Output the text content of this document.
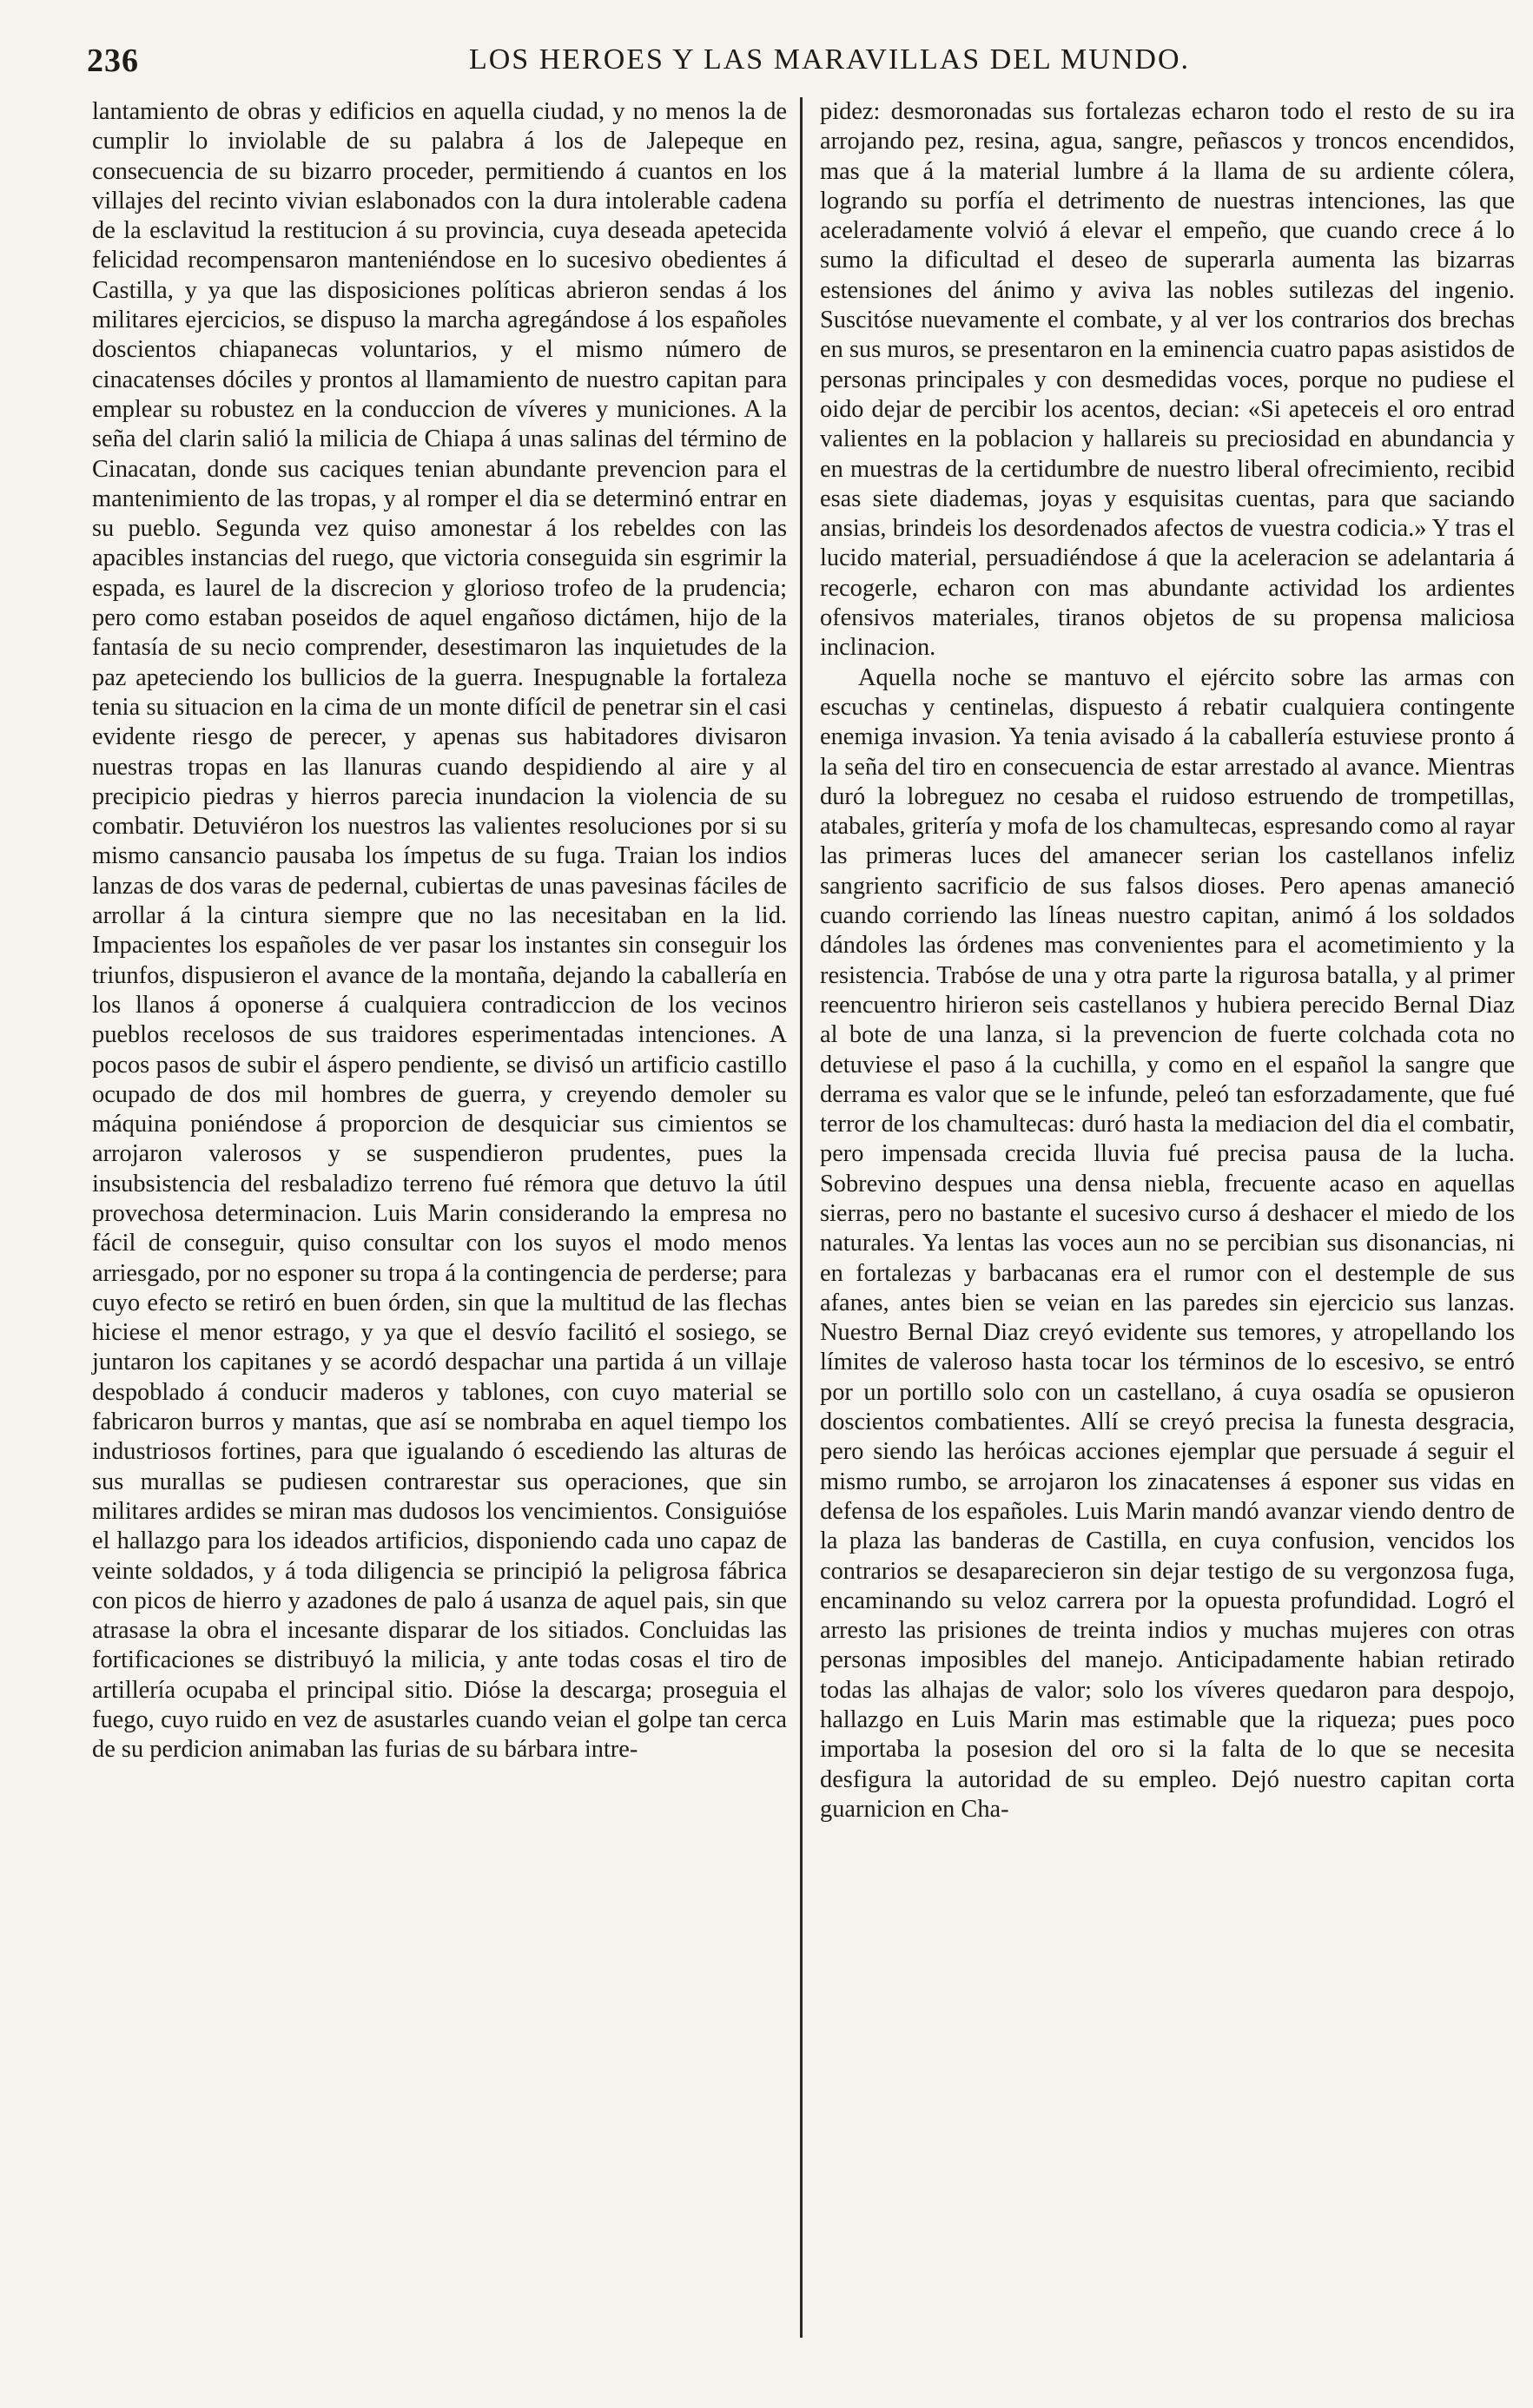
236	LOS HEROES Y LAS MARAVILLAS DEL MUNDO.

lantamiento de obras y edificios en aquella ciudad, y no menos la de cumplir lo inviolable de su palabra á los de Jalepeque en consecuencia de su bizarro proceder, permitiendo á cuantos en los villajes del recinto vivian eslabonados con la dura intolerable cadena de la esclavitud la restitucion á su provincia, cuya deseada apetecida felicidad recompensaron manteniéndose en lo sucesivo obedientes á Castilla, y ya que las disposiciones políticas abrieron sendas á los militares ejercicios, se dispuso la marcha agregándose á los españoles doscientos chiapanecas voluntarios, y el mismo número de cinacatenses dóciles y prontos al llamamiento de nuestro capitan para emplear su robustez en la conduccion de víveres y municiones. A la seña del clarin salió la milicia de Chiapa á unas salinas del término de Cinacatan, donde sus caciques tenian abundante prevencion para el mantenimiento de las tropas, y al romper el dia se determinó entrar en su pueblo. Segunda vez quiso amonestar á los rebeldes con las apacibles instancias del ruego, que victoria conseguida sin esgrimir la espada, es laurel de la discrecion y glorioso trofeo de la prudencia; pero como estaban poseidos de aquel engañoso dictámen, hijo de la fantasía de su necio comprender, desestimaron las inquietudes de la paz apeteciendo los bullicios de la guerra. Inespugnable la fortaleza tenia su situacion en la cima de un monte difícil de penetrar sin el casi evidente riesgo de perecer, y apenas sus habitadores divisaron nuestras tropas en las llanuras cuando despidiendo al aire y al precipicio piedras y hierros parecia inundacion la violencia de su combatir. Detuviéron los nuestros las valientes resoluciones por si su mismo cansancio pausaba los ímpetus de su fuga. Traian los indios lanzas de dos varas de pedernal, cubiertas de unas pavesinas fáciles de arrollar á la cintura siempre que no las necesitaban en la lid. Impacientes los españoles de ver pasar los instantes sin conseguir los triunfos, dispusieron el avance de la montaña, dejando la caballería en los llanos á oponerse á cualquiera contradiccion de los vecinos pueblos recelosos de sus traidores esperimentadas intenciones. A pocos pasos de subir el áspero pendiente, se divisó un artificio castillo ocupado de dos mil hombres de guerra, y creyendo demoler su máquina poniéndose á proporcion de desquiciar sus cimientos se arrojaron valerosos y se suspendieron prudentes, pues la insubsistencia del resbaladizo terreno fué rémora que detuvo la útil provechosa determinacion. Luis Marin considerando la empresa no fácil de conseguir, quiso consultar con los suyos el modo menos arriesgado, por no esponer su tropa á la contingencia de perderse; para cuyo efecto se retiró en buen órden, sin que la multitud de las flechas hiciese el menor estrago, y ya que el desvío facilitó el sosiego, se juntaron los capitanes y se acordó despachar una partida á un villaje despoblado á conducir maderos y tablones, con cuyo material se fabricaron burros y mantas, que así se nombraba en aquel tiempo los industriosos fortines, para que igualando ó escediendo las alturas de sus murallas se pudiesen contrarestar sus operaciones, que sin militares ardides se miran mas dudosos los vencimientos. Consiguióse el hallazgo para los ideados artificios, disponiendo cada uno capaz de veinte soldados, y á toda diligencia se principió la peligrosa fábrica con picos de hierro y azadones de palo á usanza de aquel pais, sin que atrasase la obra el incesante disparar de los sitiados. Concluidas las fortificaciones se distribuyó la milicia, y ante todas cosas el tiro de artillería ocupaba el principal sitio. Dióse la descarga; proseguia el fuego, cuyo ruido en vez de asustarles cuando veian el golpe tan cerca de su perdicion animaban las furias de su bárbara intre-

pidez: desmoronadas sus fortalezas echaron todo el resto de su ira arrojando pez, resina, agua, sangre, peñascos y troncos encendidos, mas que á la material lumbre á la llama de su ardiente cólera, logrando su porfía el detrimento de nuestras intenciones, las que aceleradamente volvió á elevar el empeño, que cuando crece á lo sumo la dificultad el deseo de superarla aumenta las bizarras estensiones del ánimo y aviva las nobles sutilezas del ingenio. Suscitóse nuevamente el combate, y al ver los contrarios dos brechas en sus muros, se presentaron en la eminencia cuatro papas asistidos de personas principales y con desmedidas voces, porque no pudiese el oido dejar de percibir los acentos, decian: «Si apeteceis el oro entrad valientes en la poblacion y hallareis su preciosidad en abundancia y en muestras de la certidumbre de nuestro liberal ofrecimiento, recibid esas siete diademas, joyas y esquisitas cuentas, para que saciando ansias, brindeis los desordenados afectos de vuestra codicia.» Y tras el lucido material, persuadiéndose á que la aceleracion se adelantaria á recogerle, echaron con mas abundante actividad los ardientes ofensivos materiales, tiranos objetos de su propensa maliciosa inclinacion.

Aquella noche se mantuvo el ejército sobre las armas con escuchas y centinelas, dispuesto á rebatir cualquiera contingente enemiga invasion. Ya tenia avisado á la caballería estuviese pronto á la seña del tiro en consecuencia de estar arrestado al avance. Mientras duró la lobreguez no cesaba el ruidoso estruendo de trompetillas, atabales, gritería y mofa de los chamultecas, espresando como al rayar las primeras luces del amanecer serian los castellanos infeliz sangriento sacrificio de sus falsos dioses. Pero apenas amaneció cuando corriendo las líneas nuestro capitan, animó á los soldados dándoles las órdenes mas convenientes para el acometimiento y la resistencia. Trabóse de una y otra parte la rigurosa batalla, y al primer reencuentro hirieron seis castellanos y hubiera perecido Bernal Diaz al bote de una lanza, si la prevencion de fuerte colchada cota no detuviese el paso á la cuchilla, y como en el español la sangre que derrama es valor que se le infunde, peleó tan esforzadamente, que fué terror de los chamultecas: duró hasta la mediacion del dia el combatir, pero impensada crecida lluvia fué precisa pausa de la lucha. Sobrevino despues una densa niebla, frecuente acaso en aquellas sierras, pero no bastante el sucesivo curso á deshacer el miedo de los naturales. Ya lentas las voces aun no se percibian sus disonancias, ni en fortalezas y barbacanas era el rumor con el destemple de sus afanes, antes bien se veian en las paredes sin ejercicio sus lanzas. Nuestro Bernal Diaz creyó evidente sus temores, y atropellando los límites de valeroso hasta tocar los términos de lo escesivo, se entró por un portillo solo con un castellano, á cuya osadía se opusieron doscientos combatientes. Allí se creyó precisa la funesta desgracia, pero siendo las heróicas acciones ejemplar que persuade á seguir el mismo rumbo, se arrojaron los zinacatenses á esponer sus vidas en defensa de los españoles. Luis Marin mandó avanzar viendo dentro de la plaza las banderas de Castilla, en cuya confusion, vencidos los contrarios se desaparecieron sin dejar testigo de su vergonzosa fuga, encaminando su veloz carrera por la opuesta profundidad. Logró el arresto las prisiones de treinta indios y muchas mujeres con otras personas imposibles del manejo. Anticipadamente habian retirado todas las alhajas de valor; solo los víveres quedaron para despojo, hallazgo en Luis Marin mas estimable que la riqueza; pues poco importaba la posesion del oro si la falta de lo que se necesita desfigura la autoridad de su empleo. Dejó nuestro capitan corta guarnicion en Cha-
